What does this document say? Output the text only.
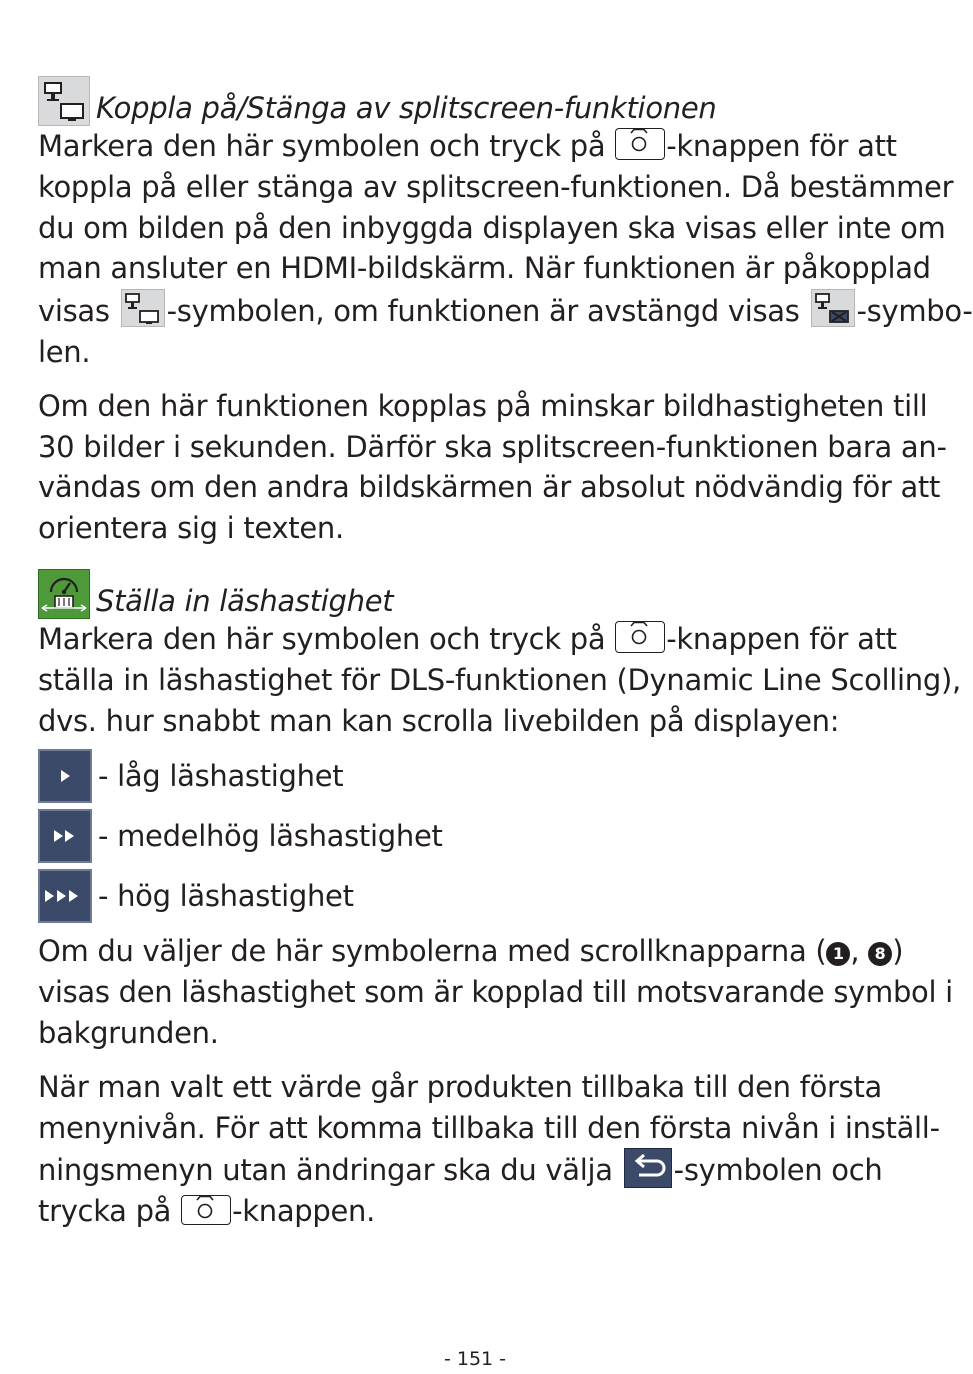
Koppla på/Stänga av splitscreen-funktionen

Markera den här symbolen och tryck på
-knappen för att
koppla på eller stänga av splitscreen-funktionen. Då bestämmer
du om bilden på den inbyggda displayen ska visas eller inte om
man ansluter en HDMI-bildskärm. När funktionen är påkopplad
visas
-symbolen, om funktionen är avstängd visas
-symbo-
len.

Om den här funktionen kopplas på minskar bildhastigheten till
30 bilder i sekunden. Därför ska splitscreen-funktionen bara an-
vändas om den andra bildskärmen är absolut nödvändig för att
orientera sig i texten.

Ställa in läshastighet

Markera den här symbolen och tryck på
-knappen för att
ställa in läshastighet för DLS-funktionen (Dynamic Line Scolling),
dvs. hur snabbt man kan scrolla livebilden på displayen:

- låg läshastighet
- medelhög läshastighet
- hög läshastighet

Om du väljer de här symbolerna med scrollknapparna ( 1 , 8 )
visas den läshastighet som är kopplad till motsvarande symbol i
bakgrunden.

När man valt ett värde går produkten tillbaka till den första
menynivån. För att komma tillbaka till den första nivån i inställ-
ningsmenyn utan ändringar ska du välja
-symbolen och
trycka på
-knappen.

- 151 -
